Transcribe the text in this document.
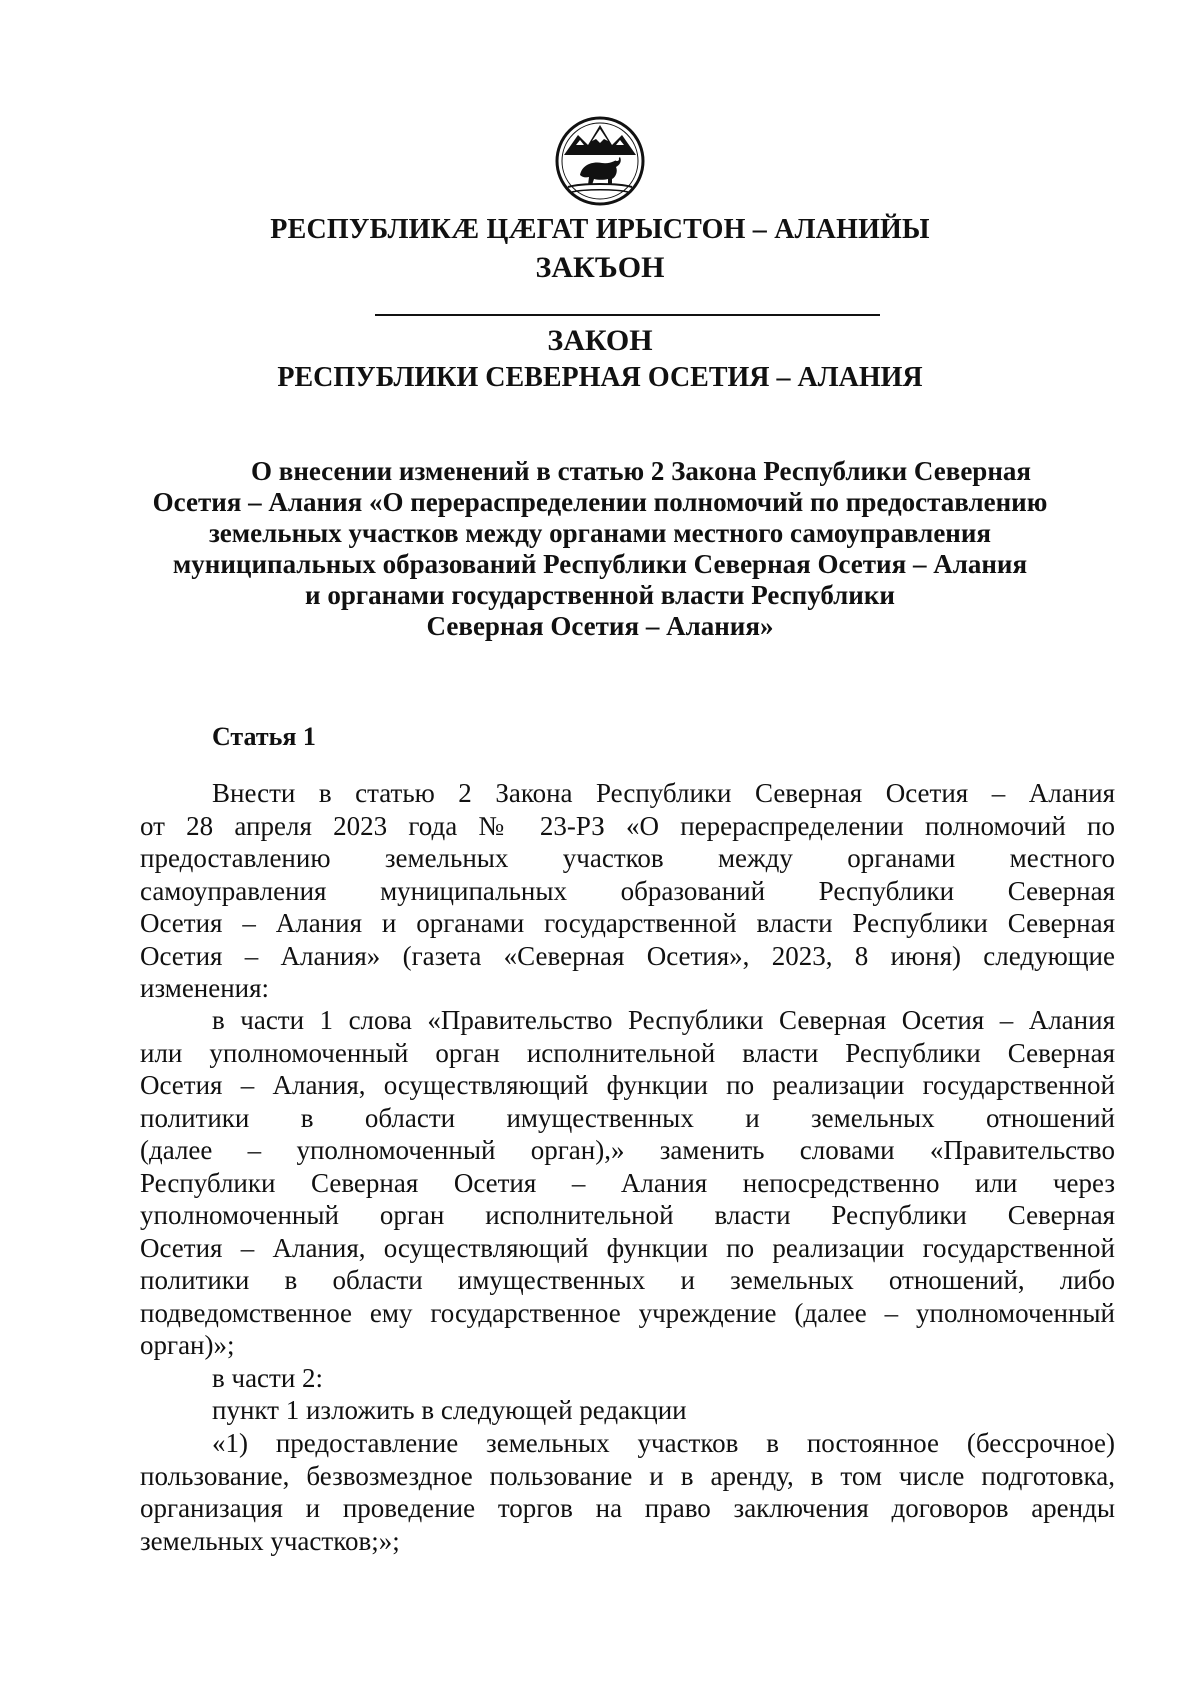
РЕСПУБЛИКӔ ЦӔГАТ ИРЫСТОН – АЛАНИЙЫ
ЗАКЪОН
ЗАКОН
РЕСПУБЛИКИ СЕВЕРНАЯ ОСЕТИЯ – АЛАНИЯ
О внесении изменений в статью 2 Закона Республики Северная
Осетия – Алания «О перераспределении полномочий по предоставлению
земельных участков между органами местного самоуправления
муниципальных образований Республики Северная Осетия – Алания
и органами государственной власти Республики
Северная Осетия – Алания»
Статья 1
Внести в статью 2 Закона Республики Северная Осетия – Алания
от 28 апреля 2023 года № 23-РЗ «О перераспределении полномочий по
предоставлению земельных участков между органами местного
самоуправления муниципальных образований Республики Северная
Осетия – Алания и органами государственной власти Республики Северная
Осетия – Алания» (газета «Северная Осетия», 2023, 8 июня) следующие
изменения:
в части 1 слова «Правительство Республики Северная Осетия – Алания
или уполномоченный орган исполнительной власти Республики Северная
Осетия – Алания, осуществляющий функции по реализации государственной
политики в области имущественных и земельных отношений
(далее – уполномоченный орган),» заменить словами «Правительство
Республики Северная Осетия – Алания непосредственно или через
уполномоченный орган исполнительной власти Республики Северная
Осетия – Алания, осуществляющий функции по реализации государственной
политики в области имущественных и земельных отношений, либо
подведомственное ему государственное учреждение (далее – уполномоченный
орган)»;
в части 2:
пункт 1 изложить в следующей редакции
«1) предоставление земельных участков в постоянное (бессрочное)
пользование, безвозмездное пользование и в аренду, в том числе подготовка,
организация и проведение торгов на право заключения договоров аренды
земельных участков;»;
